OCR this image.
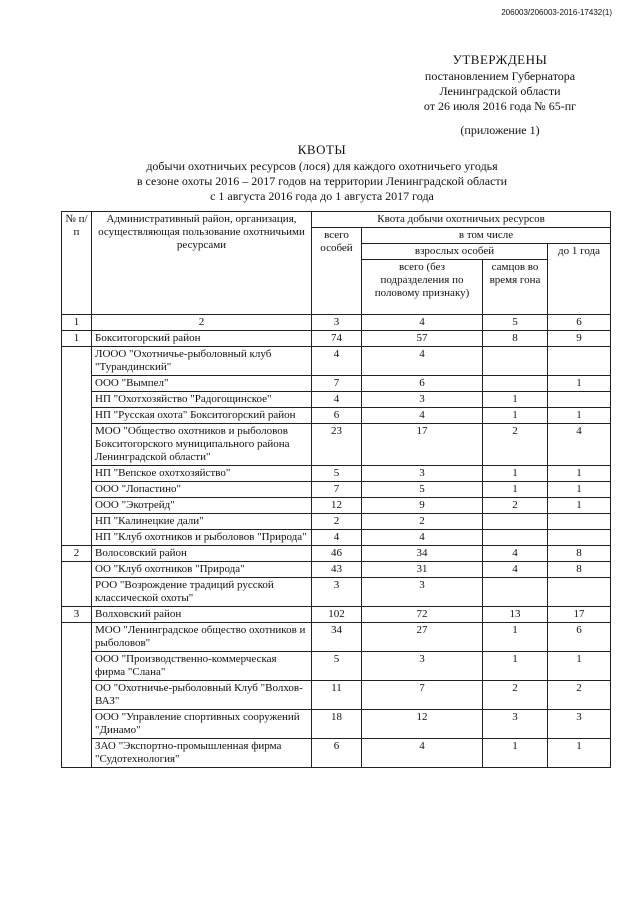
206003/206003-2016-17432(1)
УТВЕРЖДЕНЫ
постановлением Губернатора
Ленинградской области
от 26 июля 2016 года № 65-пг
(приложение 1)
КВОТЫ
добычи охотничьих ресурсов (лося) для каждого охотничьего угодья
в сезоне охоты 2016 – 2017 годов на территории Ленинградской области
с 1 августа 2016 года до 1 августа 2017 года
№ п/п	Административный район, организация, осуществляющая пользование охотничьими ресурсами	Квота добычи охотничьих ресурсов			
		всего особей	в том числе		
			взрослых особей		до 1 года
			всего (без подразделения по половому признаку)	самцов во время гона	
1	2	3	4	5	6
1	Бокситогорский район	74	57	8	9
	ЛООО "Охотничье-рыболовный клуб "Турандинский"	4	4		
	ООО "Вымпел"	7	6		1
	НП "Охотхозяйство "Радогощинское"	4	3	1	
	НП "Русская охота" Бокситогорский район	6	4	1	1
	МОО "Общество охотников и рыболовов Бокситогорского муниципального района Ленинградской области"	23	17	2	4
	НП "Вепское охотхозяйство"	5	3	1	1
	ООО "Лопастино"	7	5	1	1
	ООО "Экотрейд"	12	9	2	1
	НП "Калинецкие дали"	2	2		
	НП "Клуб охотников и рыболовов "Природа"	4	4		
2	Волосовский район	46	34	4	8
	ОО "Клуб охотников "Природа"	43	31	4	8
	РОО "Возрождение традиций русской классической охоты"	3	3		
3	Волховский район	102	72	13	17
	МОО "Ленинградское общество охотников и рыболовов"	34	27	1	6
	ООО "Производственно-коммерческая фирма "Слана"	5	3	1	1
	ОО "Охотничье-рыболовный Клуб "Волхов-ВАЗ"	11	7	2	2
	ООО "Управление спортивных сооружений "Динамо"	18	12	3	3
	ЗАО "Экспортно-промышленная фирма "Судотехнология"	6	4	1	1
